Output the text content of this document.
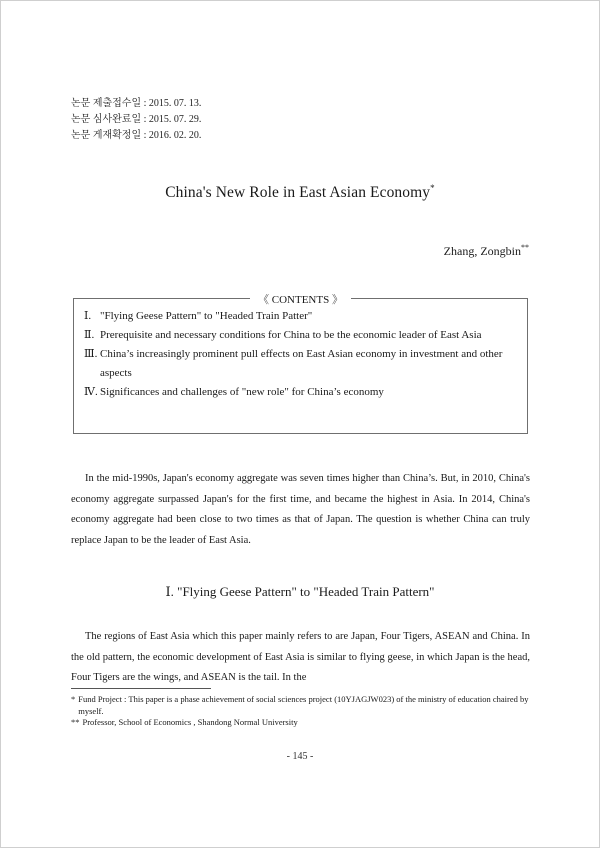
논문 제출접수일 : 2015. 07. 13.
논문 심사완료일 : 2015. 07. 29.
논문 게재확정일 : 2016. 02. 20.
China's New Role in East Asian Economy*
Zhang, Zongbin**
《 CONTENTS 》
Ⅰ. "Flying Geese Pattern" to "Headed Train Patter"
Ⅱ. Prerequisite and necessary conditions for China to be the economic leader of East Asia
Ⅲ. China’s increasingly prominent pull effects on East Asian economy in investment and other aspects
Ⅳ. Significances and challenges of "new role" for China’s economy

In the mid-1990s, Japan's economy aggregate was seven times higher than China’s. But, in 2010, China's economy aggregate surpassed Japan's for the first time, and became the highest in Asia. In 2014, China's economy aggregate had been close to two times as that of Japan. The question is whether China can truly replace Japan to be the leader of East Asia.

Ⅰ. "Flying Geese Pattern" to "Headed Train Pattern"

The regions of East Asia which this paper mainly refers to are Japan, Four Tigers, ASEAN and China. In the old pattern, the economic development of East Asia is similar to flying geese, in which Japan is the head, Four Tigers are the wings, and ASEAN is the tail. In the

* Fund Project : This paper is a phase achievement of social sciences project (10YJAGJW023) of the ministry of education chaired by myself.
** Professor, School of Economics , Shandong Normal University
- 145 -
